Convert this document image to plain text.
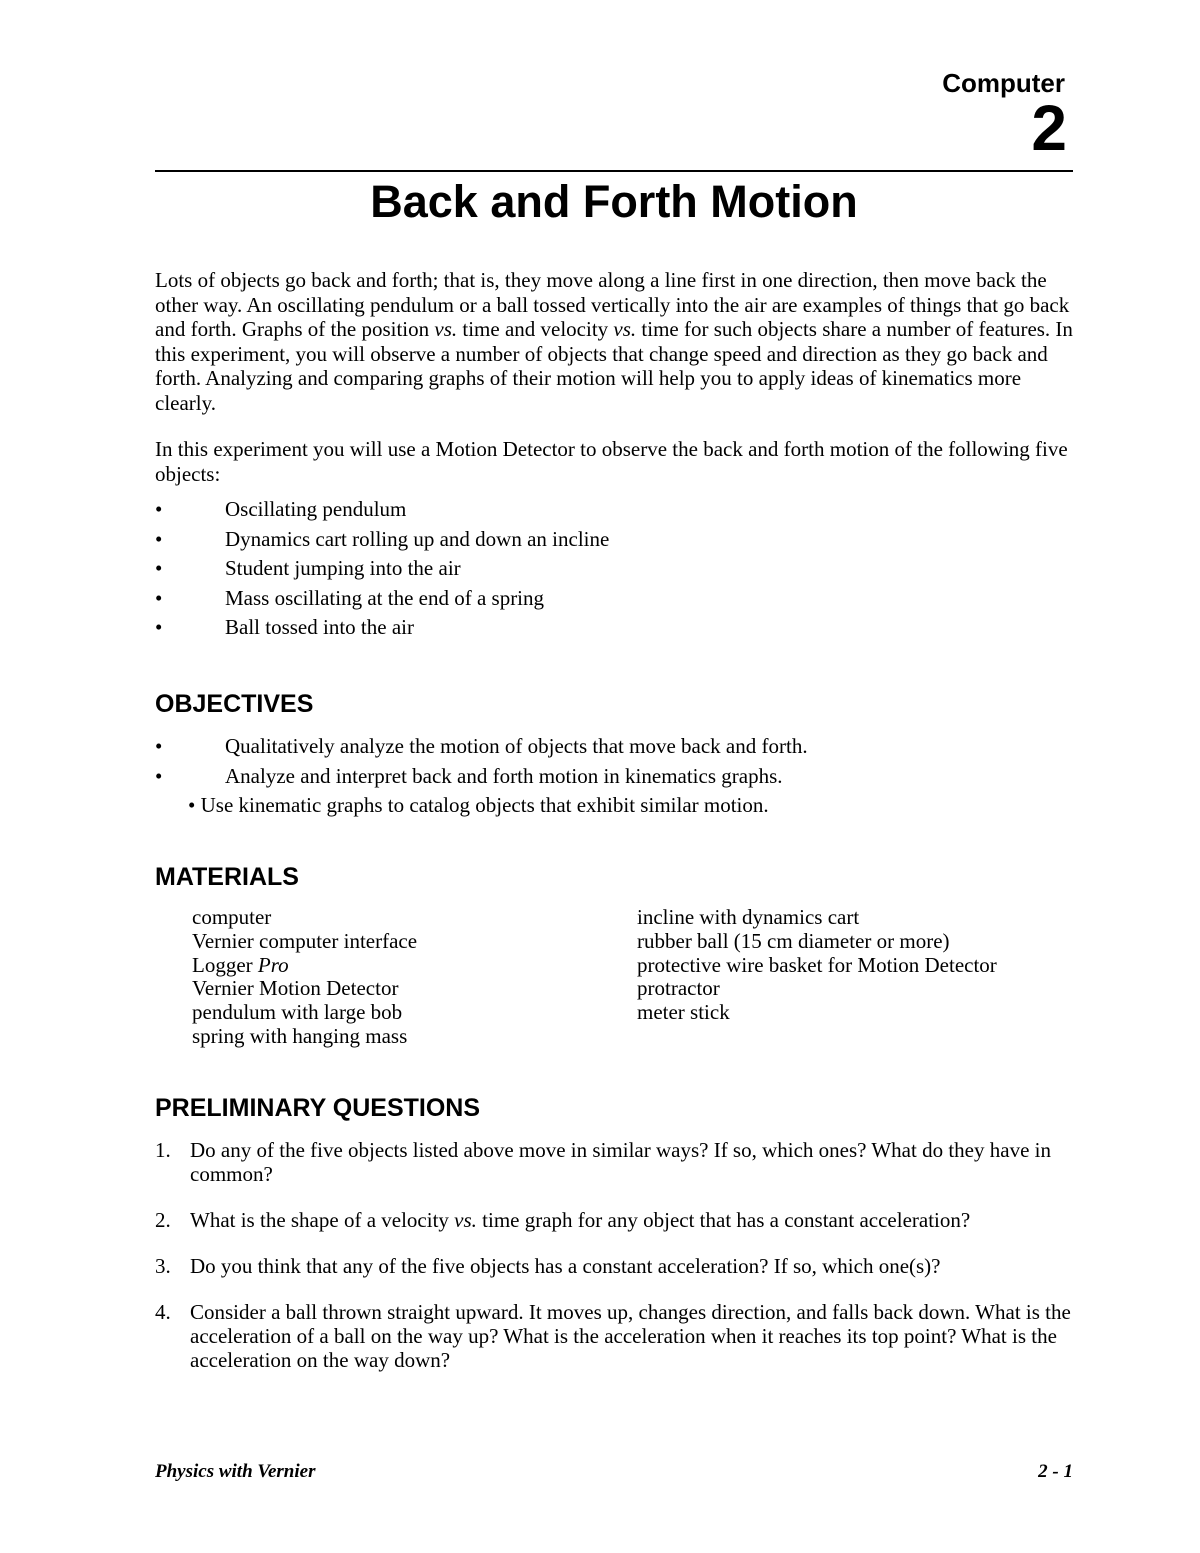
Computer
2
Back and Forth Motion

Lots of objects go back and forth; that is, they move along a line first in one direction, then move back the other way. An oscillating pendulum or a ball tossed vertically into the air are examples of things that go back and forth. Graphs of the position vs. time and velocity vs. time for such objects share a number of features. In this experiment, you will observe a number of objects that change speed and direction as they go back and forth. Analyzing and comparing graphs of their motion will help you to apply ideas of kinematics more clearly.

In this experiment you will use a Motion Detector to observe the back and forth motion of the following five objects:

•	Oscillating pendulum
•	Dynamics cart rolling up and down an incline
•	Student jumping into the air
•	Mass oscillating at the end of a spring
•	Ball tossed into the air
OBJECTIVES
•	Qualitatively analyze the motion of objects that move back and forth.
•	Analyze and interpret back and forth motion in kinematics graphs.
• Use kinematic graphs to catalog objects that exhibit similar motion.
MATERIALS
computer
Vernier computer interface
Logger Pro
Vernier Motion Detector
pendulum with large bob
spring with hanging mass
incline with dynamics cart
rubber ball (15 cm diameter or more)
protective wire basket for Motion Detector
protractor
meter stick
PRELIMINARY QUESTIONS
1. Do any of the five objects listed above move in similar ways? If so, which ones? What do they have in common?
2. What is the shape of a velocity vs. time graph for any object that has a constant acceleration?
3. Do you think that any of the five objects has a constant acceleration? If so, which one(s)?
4. Consider a ball thrown straight upward. It moves up, changes direction, and falls back down. What is the acceleration of a ball on the way up? What is the acceleration when it reaches its top point? What is the acceleration on the way down?
Physics with Vernier	2 - 1
